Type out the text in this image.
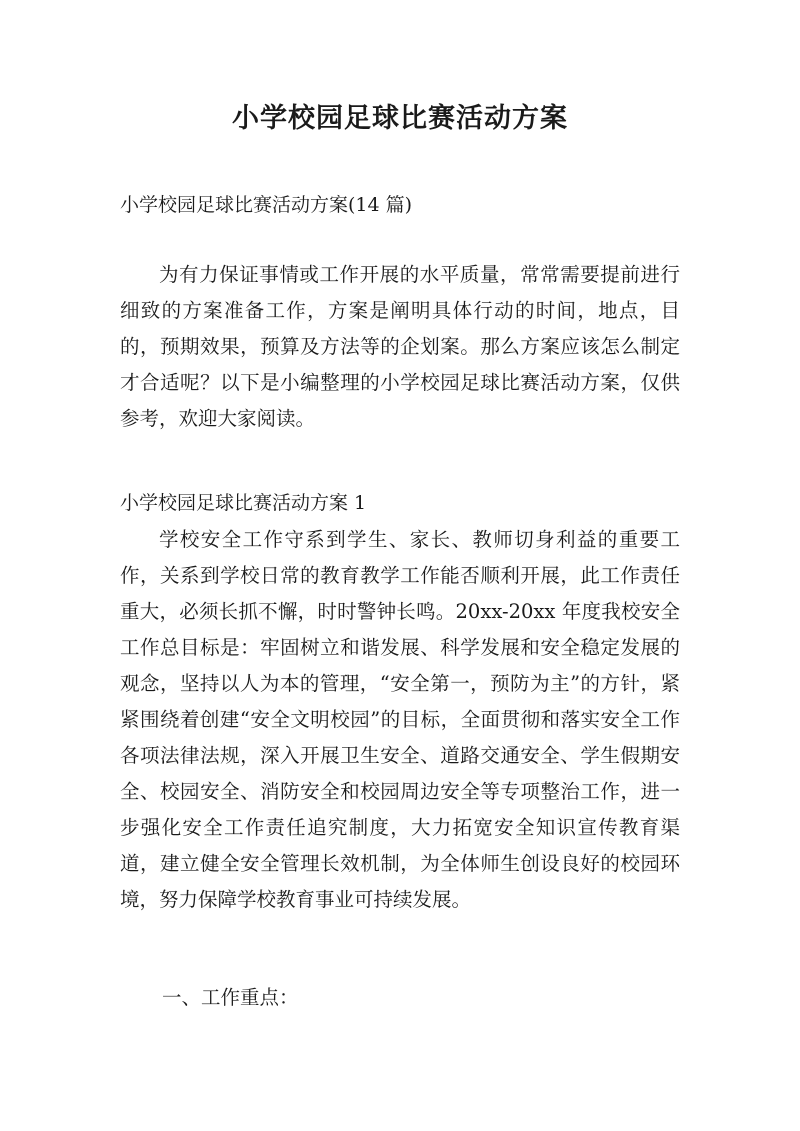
小学校园足球比赛活动方案

小学校园足球比赛活动方案(14 篇)

为有力保证事情或工作开展的水平质量，常常需要提前进行细致的方案准备工作，方案是阐明具体行动的时间，地点，目的，预期效果，预算及方法等的企划案。那么方案应该怎么制定才合适呢？以下是小编整理的小学校园足球比赛活动方案，仅供参考，欢迎大家阅读。

小学校园足球比赛活动方案 1

学校安全工作守系到学生、家长、教师切身利益的重要工作，关系到学校日常的教育教学工作能否顺利开展，此工作责任重大，必须长抓不懈，时时警钟长鸣。20xx-20xx 年度我校安全工作总目标是：牢固树立和谐发展、科学发展和安全稳定发展的观念，坚持以人为本的管理，“安全第一，预防为主”的方针，紧紧围绕着创建“安全文明校园”的目标，全面贯彻和落实安全工作各项法律法规，深入开展卫生安全、道路交通安全、学生假期安全、校园安全、消防安全和校园周边安全等专项整治工作，进一步强化安全工作责任追究制度，大力拓宽安全知识宣传教育渠道，建立健全安全管理长效机制，为全体师生创设良好的校园环境，努力保障学校教育事业可持续发展。

一、工作重点：
